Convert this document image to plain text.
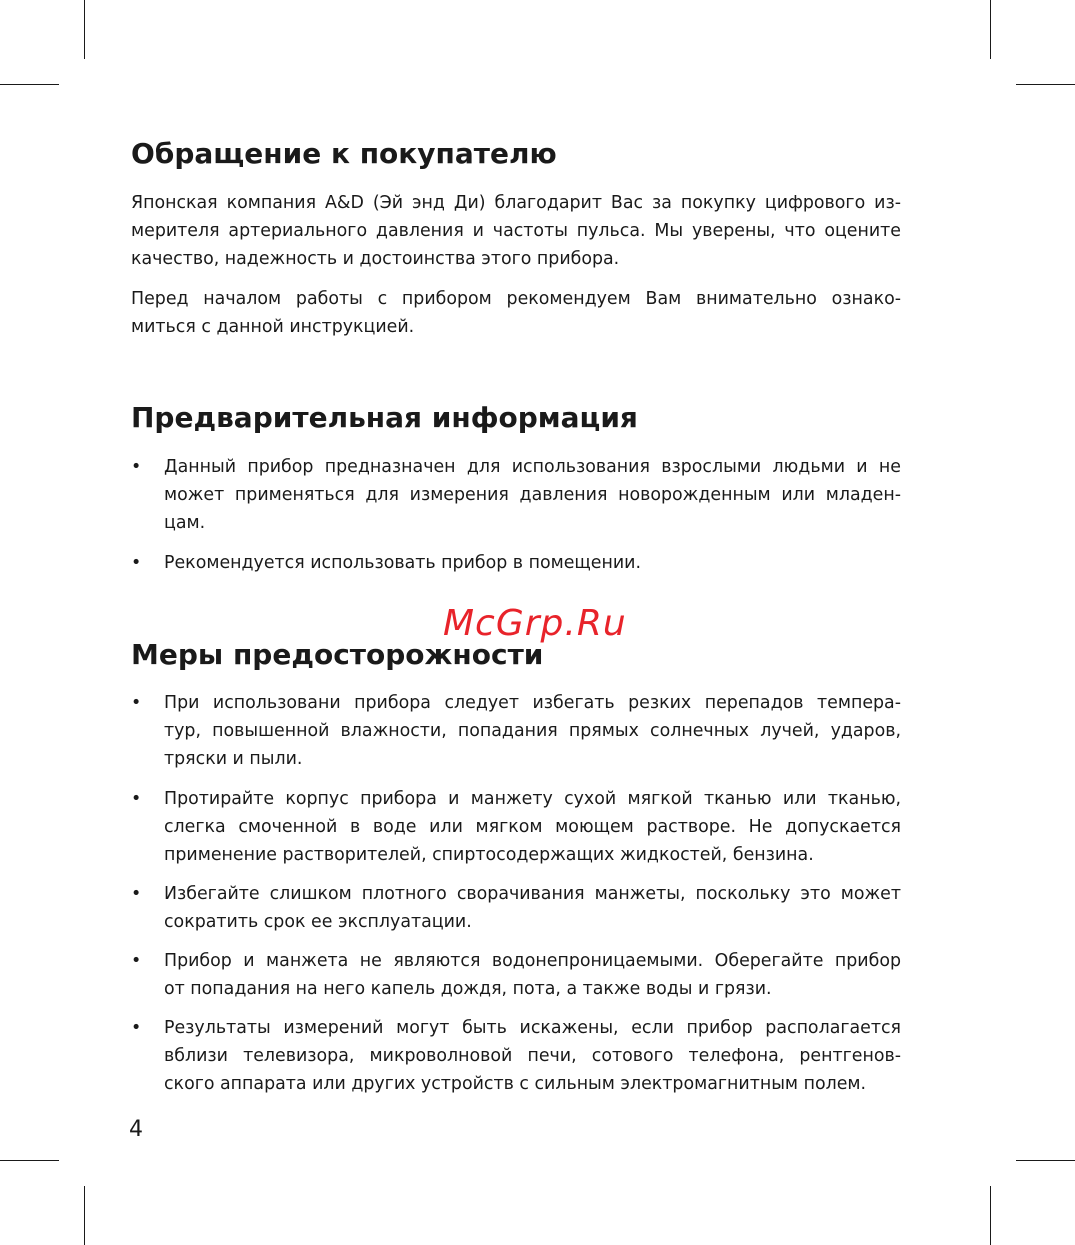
Обращение к покупателю
Японская компания A&D (Эй энд Ди) благодарит Вас за покупку цифрового из-
мерителя артериального давления и частоты пульса. Мы уверены, что оцените
качество, надежность и достоинства этого прибора.
Перед началом работы с прибором рекомендуем Вам внимательно ознако-
миться с данной инструкцией.
Предварительная информация
• Данный прибор предназначен для использования взрослыми людьми и не
может применяться для измерения давления новорожденным или младен-
цам.
• Рекомендуется использовать прибор в помещении.
Меры предосторожности
• При использовани прибора следует избегать резких перепадов темпера-
тур, повышенной влажности, попадания прямых солнечных лучей, ударов,
тряски и пыли.
• Протирайте корпус прибора и манжету сухой мягкой тканью или тканью,
слегка смоченной в воде или мягком моющем растворе. Не допускается
применение растворителей, спиртосодержащих жидкостей, бензина.
• Избегайте слишком плотного сворачивания манжеты, поскольку это может
сократить срок ее эксплуатации.
• Прибор и манжета не являются водонепроницаемыми. Оберегайте прибор
от попадания на него капель дождя, пота, а также воды и грязи.
• Результаты измерений могут быть искажены, если прибор располагается
вблизи телевизора, микроволновой печи, сотового телефона, рентгенов-
ского аппарата или других устройств с сильным электромагнитным полем.
McGrp.Ru
4
